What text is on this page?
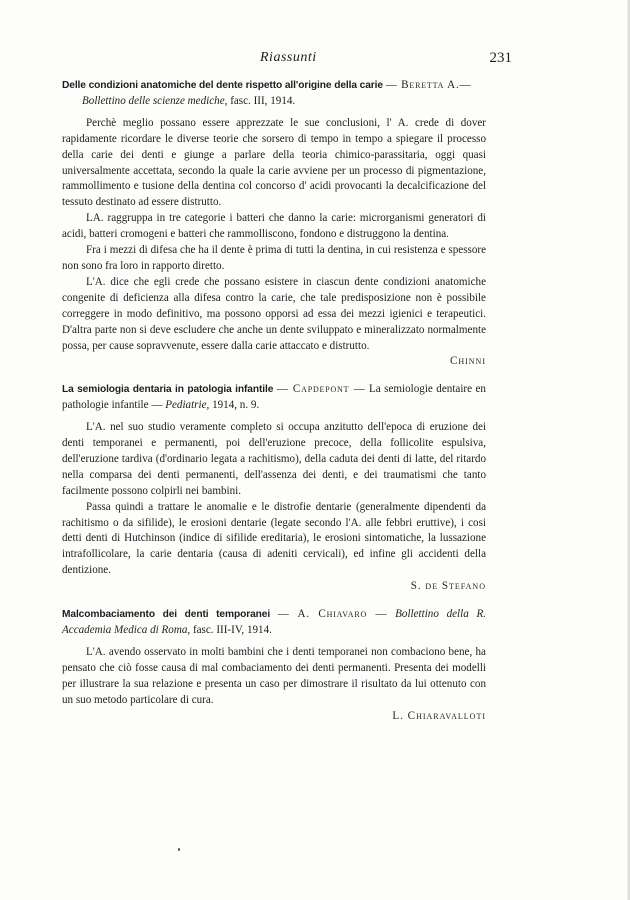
Riassunti	231

Delle condizioni anatomiche del dente rispetto all'origine della carie — Beretta A.—

Bollettino delle scienze mediche, fasc. III, 1914.

Perchè meglio possano essere apprezzate le sue conclusioni, l' A. crede di dover rapidamente ricordare le diverse teorie che sorsero di tempo in tempo a spiegare il processo della carie dei denti e giunge a parlare della teoria chimico-parassitaria, oggi quasi universalmente accettata, secondo la quale la carie avviene per un processo di pigmentazione, rammollimento e tusione della dentina col concorso d' acidi provocanti la decalcificazione del tessuto destinato ad essere distrutto.

LA. raggruppa in tre categorie i batteri che danno la carie: microrganismi generatori di acidi, batteri cromogeni e batteri che rammolliscono, fondono e distruggono la dentina.

Fra i mezzi di difesa che ha il dente è prima di tutti la dentina, in cui resistenza e spessore non sono fra loro in rapporto diretto.

L'A. dice che egli crede che possano esistere in ciascun dente condizioni anatomiche congenite di deficienza alla difesa contro la carie, che tale predisposizione non è possibile correggere in modo definitivo, ma possono opporsi ad essa dei mezzi igienici e terapeutici. D'altra parte non si deve escludere che anche un dente sviluppato e mineralizzato normalmente possa, per cause sopravvenute, essere dalla carie attaccato e distrutto.

Chinni

La semiologia dentaria in patologia infantile — Capdepont — La semiologie dentaire en pathologie infantile — Pediatrie, 1914, n. 9.

L'A. nel suo studio veramente completo si occupa anzitutto dell'epoca di eruzione dei denti temporanei e permanenti, poi dell'eruzione precoce, della follicolite espulsiva, dell'eruzione tardiva (d'ordinario legata a rachitismo), della caduta dei denti di latte, del ritardo nella comparsa dei denti permanenti, dell'assenza dei denti, e dei traumatismi che tanto facilmente possono colpirli nei bambini.

Passa quindi a trattare le anomalie e le distrofie dentarie (generalmente dipendenti da rachitismo o da sifilide), le erosioni dentarie (legate secondo l'A. alle febbri eruttive), i cosi detti denti di Hutchinson (indice di sifilide ereditaria), le erosioni sintomatiche, la lussazione intrafollicolare, la carie dentaria (causa di adeniti cervicali), ed infine gli accidenti della dentizione.

S. de Stefano

Malcombaciamento dei denti temporanei — A. Chiavaro — Bollettino della R. Accademia Medica di Roma, fasc. III-IV, 1914.

L'A. avendo osservato in molti bambini che i denti temporanei non combaciono bene, ha pensato che ciò fosse causa di mal combaciamento dei denti permanenti. Presenta dei modelli per illustrare la sua relazione e presenta un caso per dimostrare il risultato da lui ottenuto con un suo metodo particolare di cura.

L. Chiaravalloti
